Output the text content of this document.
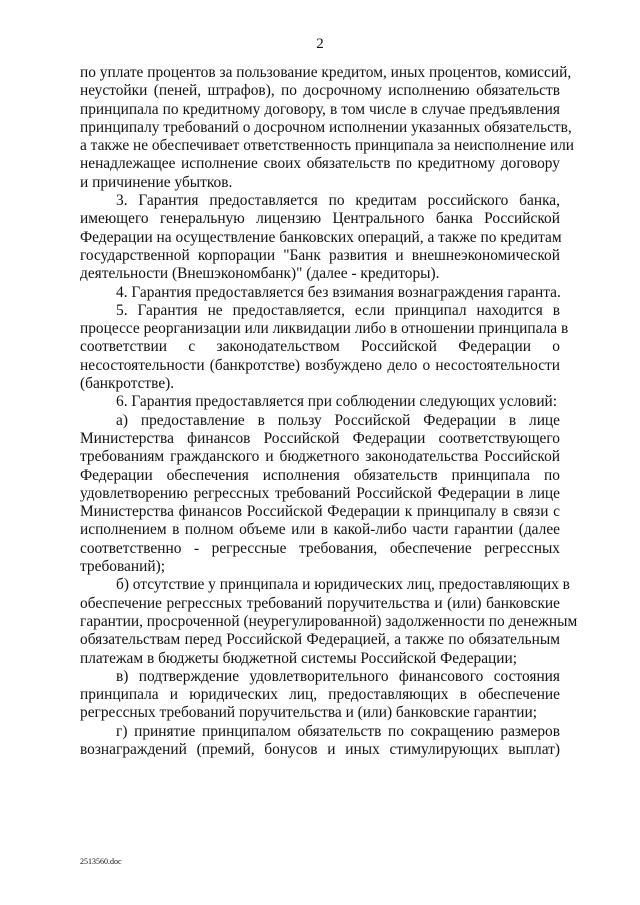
2
по уплате процентов за пользование кредитом, иных процентов, комиссий,
неустойки (пеней, штрафов), по досрочному исполнению обязательств
принципала по кредитному договору, в том числе в случае предъявления
принципалу требований о досрочном исполнении указанных обязательств,
а также не обеспечивает ответственность принципала за неисполнение или
ненадлежащее исполнение своих обязательств по кредитному договору
и причинение убытков.
3. Гарантия предоставляется по кредитам российского банка,
имеющего генеральную лицензию Центрального банка Российской
Федерации на осуществление банковских операций, а также по кредитам
государственной корпорации "Банк развития и внешнеэкономической
деятельности (Внешэкономбанк)" (далее - кредиторы).
4. Гарантия предоставляется без взимания вознаграждения гаранта.
5. Гарантия не предоставляется, если принципал находится в
процессе реорганизации или ликвидации либо в отношении принципала в
соответствии с законодательством Российской Федерации о
несостоятельности (банкротстве) возбуждено дело о несостоятельности
(банкротстве).
6. Гарантия предоставляется при соблюдении следующих условий:
а) предоставление в пользу Российской Федерации в лице
Министерства финансов Российской Федерации соответствующего
требованиям гражданского и бюджетного законодательства Российской
Федерации обеспечения исполнения обязательств принципала по
удовлетворению регрессных требований Российской Федерации в лице
Министерства финансов Российской Федерации к принципалу в связи с
исполнением в полном объеме или в какой-либо части гарантии (далее
соответственно - регрессные требования, обеспечение регрессных
требований);
б) отсутствие у принципала и юридических лиц, предоставляющих в
обеспечение регрессных требований поручительства и (или) банковские
гарантии, просроченной (неурегулированной) задолженности по денежным
обязательствам перед Российской Федерацией, а также по обязательным
платежам в бюджеты бюджетной системы Российской Федерации;
в) подтверждение удовлетворительного финансового состояния
принципала и юридических лиц, предоставляющих в обеспечение
регрессных требований поручительства и (или) банковские гарантии;
г) принятие принципалом обязательств по сокращению размеров
вознаграждений (премий, бонусов и иных стимулирующих выплат)
2513560.doc
